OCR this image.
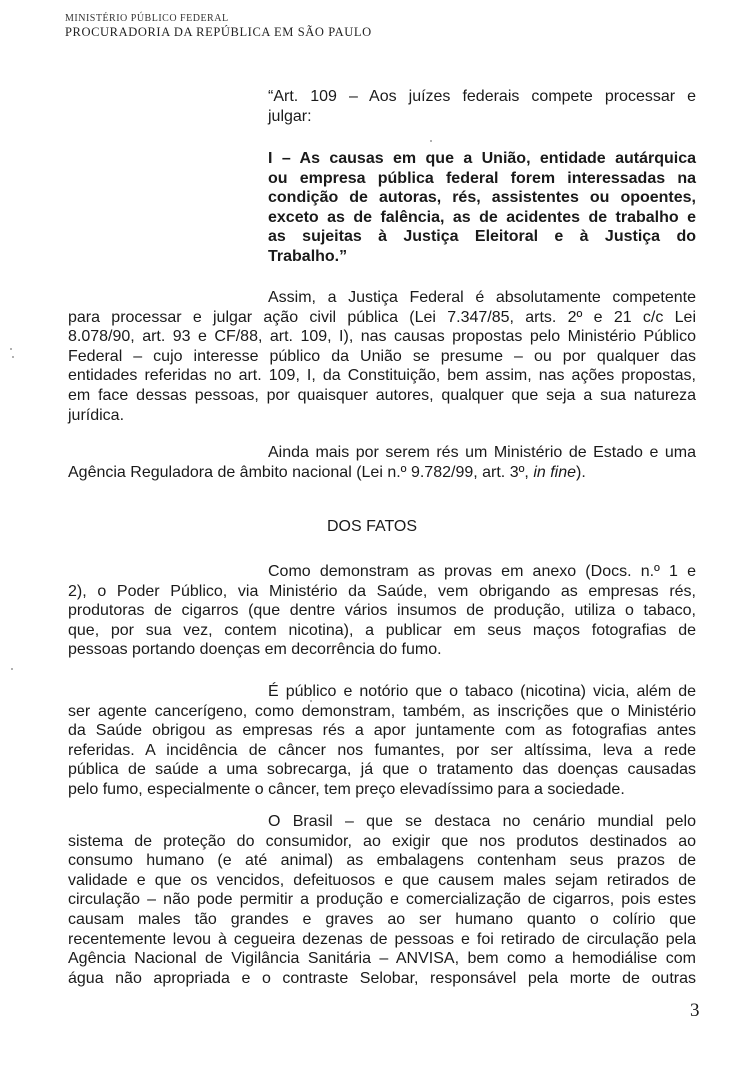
MINISTÉRIO PÚBLICO FEDERAL
PROCURADORIA DA REPÚBLICA EM SÃO PAULO
“Art. 109 – Aos juízes federais compete processar e
julgar:
I – As causas em que a União, entidade autárquica
ou empresa pública federal forem interessadas na
condição de autoras, rés, assistentes ou opoentes,
exceto as de falência, as de acidentes de trabalho e
as sujeitas à Justiça Eleitoral e à Justiça do
Trabalho.”
Assim, a Justiça Federal é absolutamente competente
para processar e julgar ação civil pública (Lei 7.347/85, arts. 2º e 21 c/c Lei
8.078/90, art. 93 e CF/88, art. 109, I), nas causas propostas pelo Ministério Público
Federal – cujo interesse público da União se presume – ou por qualquer das
entidades referidas no art. 109, I, da Constituição, bem assim, nas ações propostas,
em face dessas pessoas, por quaisquer autores, qualquer que seja a sua natureza
jurídica.
Ainda mais por serem rés um Ministério de Estado e uma
Agência Reguladora de âmbito nacional (Lei n.º 9.782/99, art. 3º, in fine).
DOS FATOS
Como demonstram as provas em anexo (Docs. n.º 1 e
2), o Poder Público, via Ministério da Saúde, vem obrigando as empresas rés,
produtoras de cigarros (que dentre vários insumos de produção, utiliza o tabaco,
que, por sua vez, contem nicotina), a publicar em seus maços fotografias de
pessoas portando doenças em decorrência do fumo.
É público e notório que o tabaco (nicotina) vicia, além de
ser agente cancerígeno, como demonstram, também, as inscrições que o Ministério
da Saúde obrigou as empresas rés a apor juntamente com as fotografias antes
referidas. A incidência de câncer nos fumantes, por ser altíssima, leva a rede
pública de saúde a uma sobrecarga, já que o tratamento das doenças causadas
pelo fumo, especialmente o câncer, tem preço elevadíssimo para a sociedade.
O Brasil – que se destaca no cenário mundial pelo
sistema de proteção do consumidor, ao exigir que nos produtos destinados ao
consumo humano (e até animal) as embalagens contenham seus prazos de
validade e que os vencidos, defeituosos e que causem males sejam retirados de
circulação – não pode permitir a produção e comercialização de cigarros, pois estes
causam males tão grandes e graves ao ser humano quanto o colírio que
recentemente levou à cegueira dezenas de pessoas e foi retirado de circulação pela
Agência Nacional de Vigilância Sanitária – ANVISA, bem como a hemodiálise com
água não apropriada e o contraste Selobar, responsável pela morte de outras
3
